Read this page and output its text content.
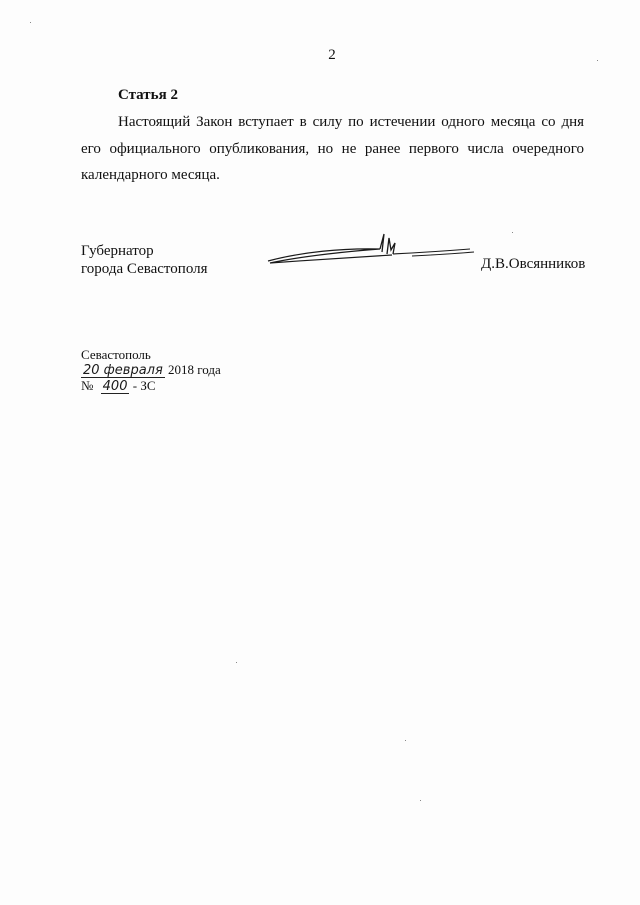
2
Статья 2

Настоящий Закон вступает в силу по истечении одного месяца со дня его официального опубликования, но не ранее первого числа очередного календарного месяца.

Губернатор
города Севастополя	Д.В.Овсянников
Севастополь
20 февраля 2018 года
№ 400 - ЗС
